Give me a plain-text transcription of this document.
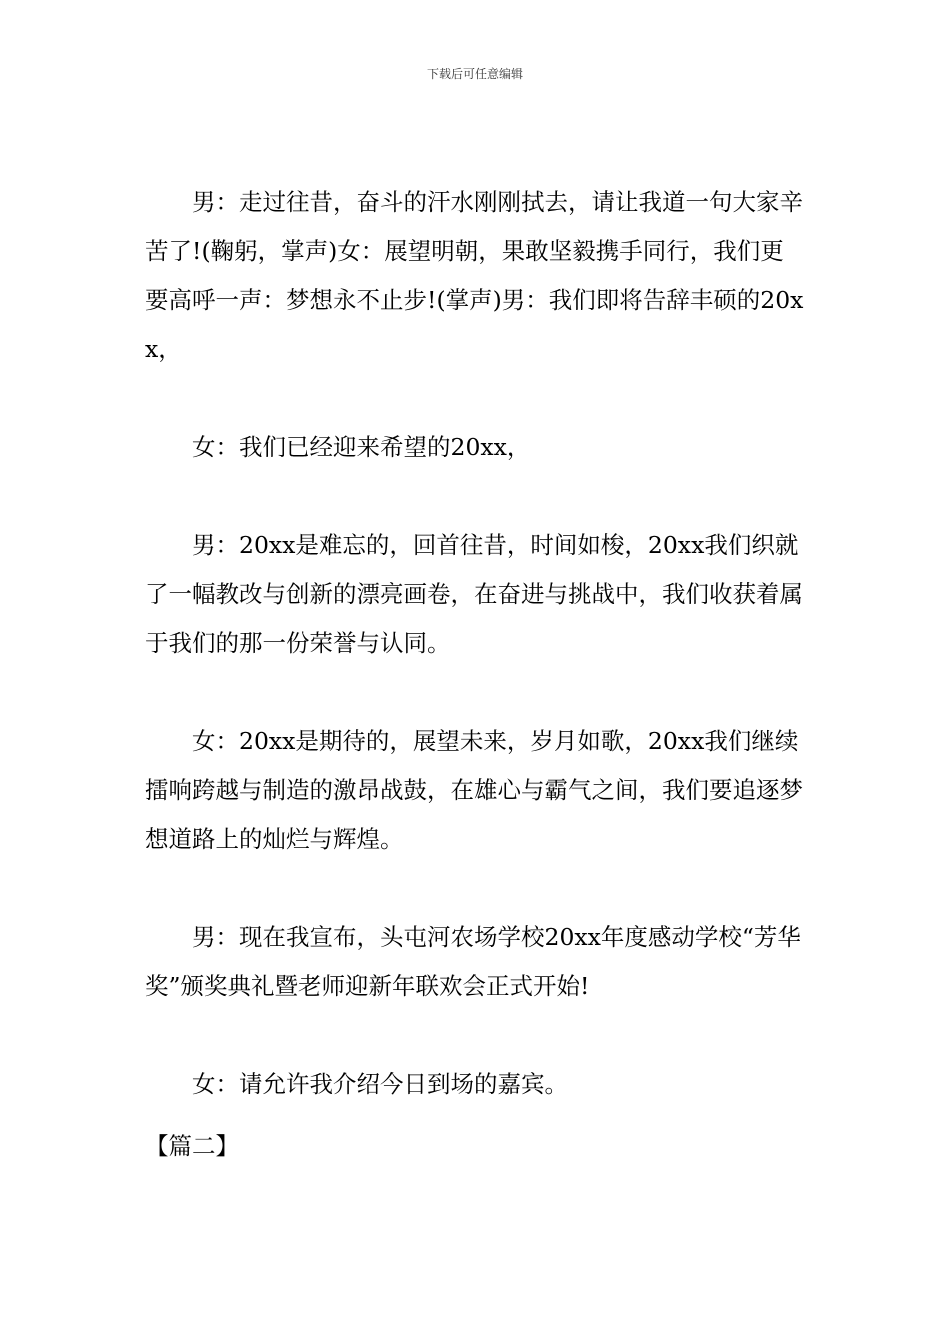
下载后可任意编辑

男：走过往昔，奋斗的汗水刚刚拭去，请让我道一句大家辛苦了!(鞠躬，掌声)女：展望明朝，果敢坚毅携手同行，我们更要高呼一声：梦想永不止步!(掌声)男：我们即将告辞丰硕的20xx，

女：我们已经迎来希望的20xx，

男：20xx是难忘的，回首往昔，时间如梭，20xx我们织就了一幅教改与创新的漂亮画卷，在奋进与挑战中，我们收获着属于我们的那一份荣誉与认同。

女：20xx是期待的，展望未来，岁月如歌，20xx我们继续擂响跨越与制造的激昂战鼓，在雄心与霸气之间，我们要追逐梦想道路上的灿烂与辉煌。

男：现在我宣布，头屯河农场学校20xx年度感动学校“芳华奖”颁奖典礼暨老师迎新年联欢会正式开始!

女：请允许我介绍今日到场的嘉宾。

【篇二】
